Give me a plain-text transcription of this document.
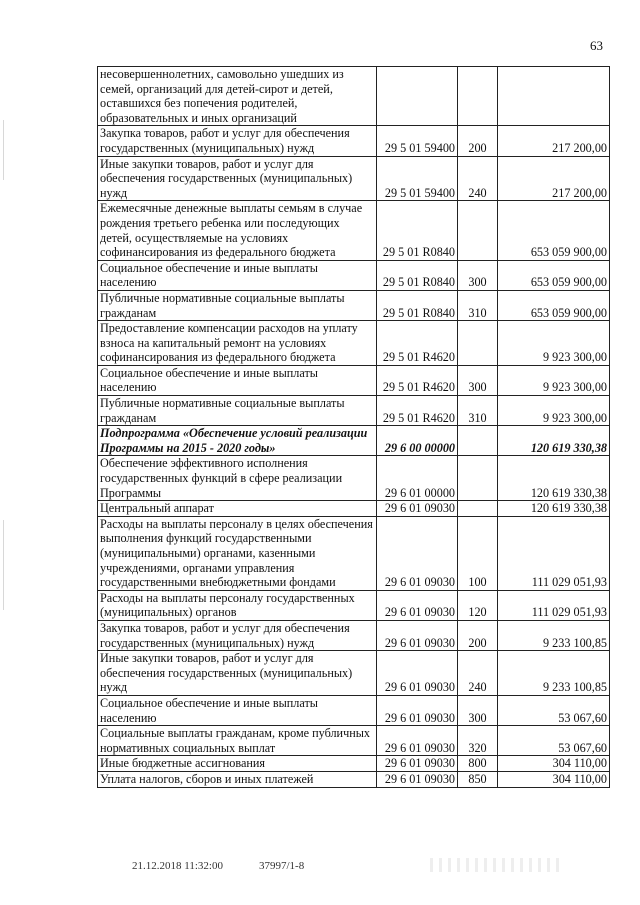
63
несовершеннолетних, самовольно ушедших из семей, организаций для детей-сирот и детей, оставшихся без попечения родителей, образовательных и иных организаций			
Закупка товаров, работ и услуг для обеспечения государственных (муниципальных) нужд	29 5 01 59400	200	217 200,00
Иные закупки товаров, работ и услуг для обеспечения государственных (муниципальных) нужд	29 5 01 59400	240	217 200,00
Ежемесячные денежные выплаты семьям в случае рождения третьего ребенка или последующих детей, осуществляемые на условиях софинансирования из федерального бюджета	29 5 01 R0840		653 059 900,00
Социальное обеспечение и иные выплаты населению	29 5 01 R0840	300	653 059 900,00
Публичные нормативные социальные выплаты гражданам	29 5 01 R0840	310	653 059 900,00
Предоставление компенсации расходов на уплату взноса на капитальный ремонт на условиях софинансирования из федерального бюджета	29 5 01 R4620		9 923 300,00
Социальное обеспечение и иные выплаты населению	29 5 01 R4620	300	9 923 300,00
Публичные нормативные социальные выплаты гражданам	29 5 01 R4620	310	9 923 300,00
Подпрограмма «Обеспечение условий реализации Программы на 2015 - 2020 годы»	29 6 00 00000		120 619 330,38
Обеспечение эффективного исполнения государственных функций в сфере реализации Программы	29 6 01 00000		120 619 330,38
Центральный аппарат	29 6 01 09030		120 619 330,38
Расходы на выплаты персоналу в целях обеспечения выполнения функций государственными (муниципальными) органами, казенными учреждениями, органами управления государственными внебюджетными фондами	29 6 01 09030	100	111 029 051,93
Расходы на выплаты персоналу государственных (муниципальных) органов	29 6 01 09030	120	111 029 051,93
Закупка товаров, работ и услуг для обеспечения государственных (муниципальных) нужд	29 6 01 09030	200	9 233 100,85
Иные закупки товаров, работ и услуг для обеспечения государственных (муниципальных) нужд	29 6 01 09030	240	9 233 100,85
Социальное обеспечение и иные выплаты населению	29 6 01 09030	300	53 067,60
Социальные выплаты гражданам, кроме публичных нормативных социальных выплат	29 6 01 09030	320	53 067,60
Иные бюджетные ассигнования	29 6 01 09030	800	304 110,00
Уплата налогов, сборов и иных платежей	29 6 01 09030	850	304 110,00
21.12.2018 11:32:00	37997/1-8
